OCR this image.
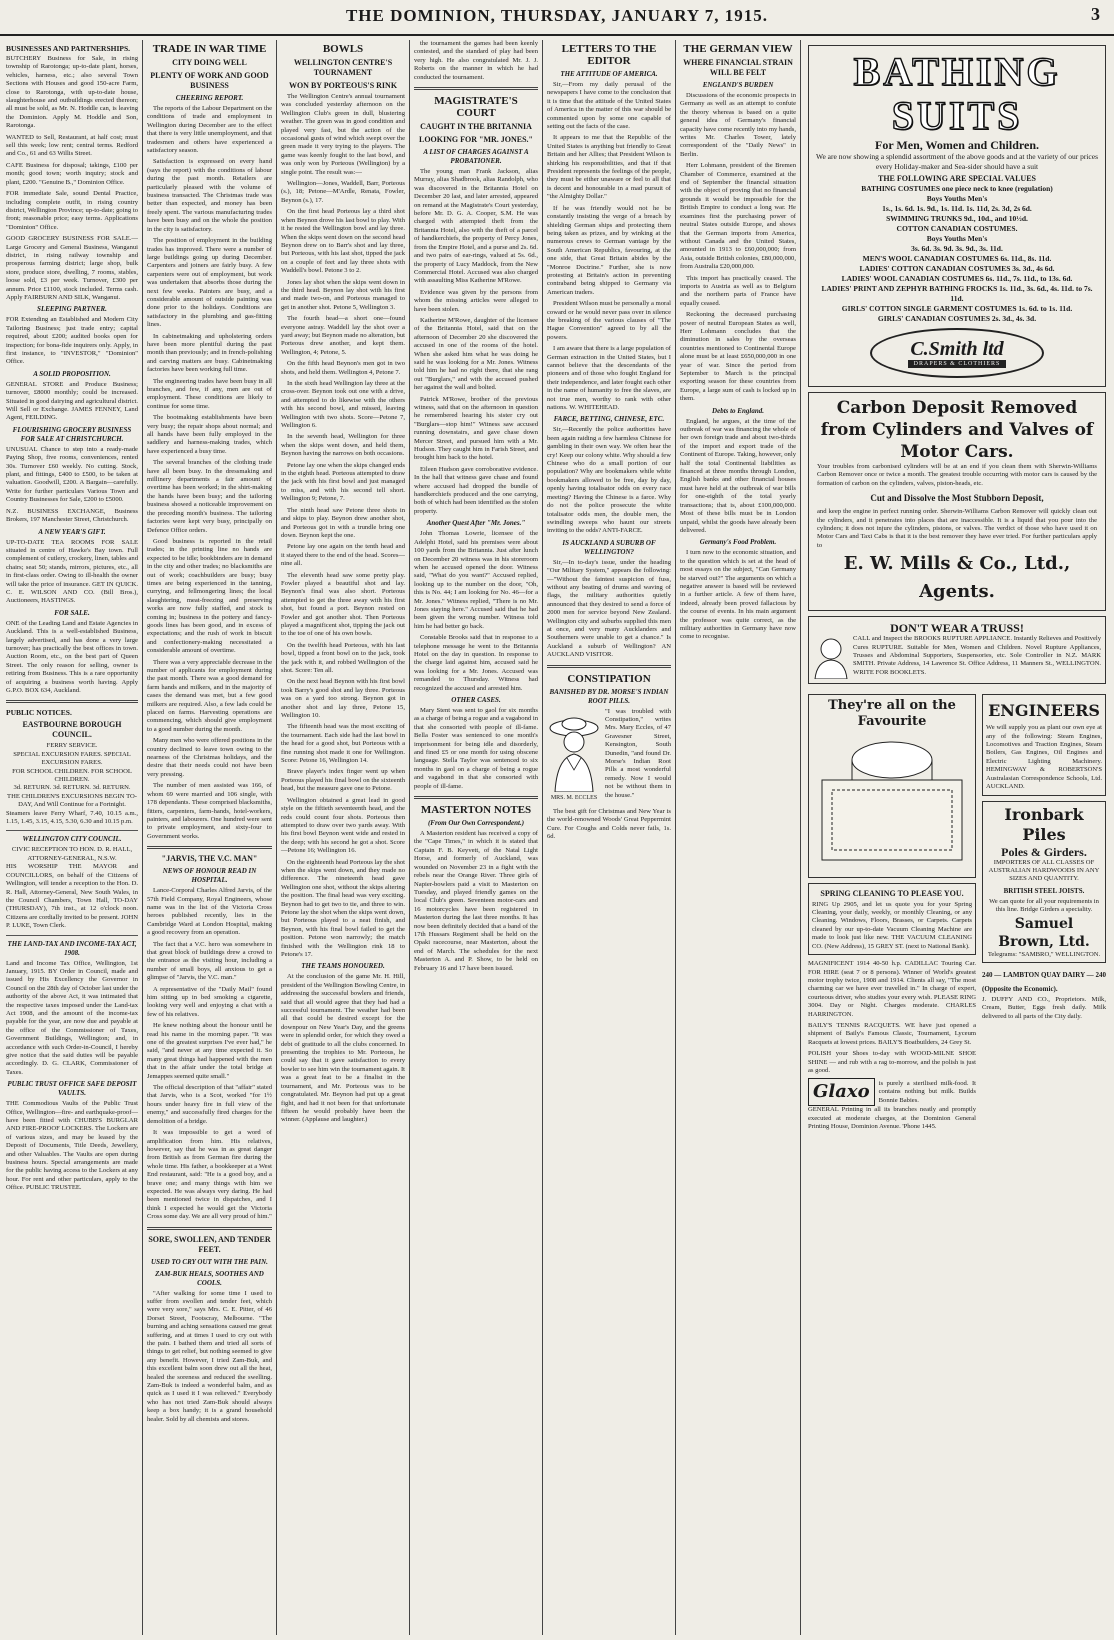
THE DOMINION, THURSDAY, JANUARY 7, 1915.	3
BUSINESSES AND PARTNERSHIPS.

BUTCHERY Business for Sale, in rising township of Rarotonga; up-to-date plant, horses, vehicles, harness, etc.; also several Town Sections with Houses and good 150-acre Farm, close to Rarotonga, with up-to-date house, slaughterhouse and outbuildings erected thereon; all must be sold, as Mr. N. Hoddle can, is leaving the Dominion. Apply M. Hoddle and Son, Rarotonga.

WANTED to Sell, Restaurant, at half cost; must sell this week; low rent; central terms. Redford and Co., 61 and 63 Willis Street.

CAFE Business for disposal; takings, £100 per month; good town; worth inquiry; stock and plant, £200. "Genuine B.," Dominion Office.

FOR immediate Sale, sound Dental Practice, including complete outfit, in rising country district, Wellington Province; up-to-date; going to front; reasonable price; easy terms. Applications "Dominion" Office.

GOOD GROCERY BUSINESS FOR SALE.—Large Grocery and General Business, Wanganui district, in rising railway township and prosperous farming district; large shop, bulk store, produce store, dwelling, 7 rooms, stables, loose sold, £3 per week. Turnover, £300 per annum. Price £1100, stock included. Terms cash. Apply FAIRBURN AND SILK, Wanganui.

SLEEPING PARTNER.

FOR Extending an Established and Modern City Tailoring Business; just trade entry; capital required, about £200; audited books open for inspection; for bona-fide inquirers only. Apply, in first instance, to "INVESTOR," "Dominion" Office.

A SOLID PROPOSITION.

GENERAL STORE and Produce Business; turnover, £8000 monthly; could be increased. Situated in good dairying and agricultural district. Will Sell or Exchange. JAMES FENNEY, Land Agent, FEILDING.

FLOURISHING GROCERY BUSINESS FOR SALE AT CHRISTCHURCH.

UNUSUAL Chance to step into a ready-made Paying Shop, five rooms, conveniences, rented 30s. Turnover £60 weekly. No cutting. Stock, plant, and fittings, £400 to £500, to be taken at valuation. Goodwill, £200. A Bargain—carefully. Write for further particulars Various Town and Country Businesses for Sale, £200 to £5000.

N.Z. BUSINESS EXCHANGE, Business Brokers, 197 Manchester Street, Christchurch.

A NEW YEAR'S GIFT.

UP-TO-DATE TEA ROOMS FOR SALE situated in centre of Hawke's Bay town. Full complement of cutlery, crockery, linen, tables and chairs; seat 50; stands, mirrors, pictures, etc., all in first-class order. Owing to ill-health the owner will take the price of insurance. GET IN QUICK. C. E. WILSON AND CO. (Bill Bros.), Auctioneers, HASTINGS.

FOR SALE.

ONE of the Leading Land and Estate Agencies in Auckland. This is a well-established Business, largely advertised, and has done a very large turnover; has practically the best offices in town. Auction Room, etc., on the best part of Queen Street. The only reason for selling, owner is retiring from Business. This is a rare opportunity of acquiring a business worth having. Apply G.P.O. BOX 634, Auckland.

PUBLIC NOTICES.
EASTBOURNE BOROUGH COUNCIL.
FERRY SERVICE.
SPECIAL EXCURSION FARES. SPECIAL EXCURSION FARES.
FOR SCHOOL CHILDREN. FOR SCHOOL CHILDREN.
3d. RETURN. 3d. RETURN. 3d. RETURN.
THE CHILDREN'S EXCURSIONS BEGIN TO-DAY, And Will Continue for a Fortnight.

Steamers leave Ferry Wharf, 7.40, 10.15 a.m., 1.15, 1.45, 3.15, 4.15, 5.30, 6.30 and 10.15 p.m.

WELLINGTON CITY COUNCIL.
CIVIC RECEPTION TO HON. D. R. HALL, ATTORNEY-GENERAL, N.S.W.

HIS WORSHIP THE MAYOR and COUNCILLORS, on behalf of the Citizens of Wellington, will tender a reception to the Hon. D. R. Hall, Attorney-General, New South Wales, in the Council Chambers, Town Hall, TO-DAY (THURSDAY), 7th inst., at 12 o'clock noon. Citizens are cordially invited to be present. JOHN P. LUKE, Town Clerk.

THE LAND-TAX AND INCOME-TAX ACT, 1908.

Land and Income Tax Office, Wellington, 1st January, 1915. BY Order in Council, made and issued by His Excellency the Governor in Council on the 28th day of October last under the authority of the above Act, it was intimated that the respective taxes imposed under the Land-tax Act 1908, and the amount of the income-tax payable for the year, are now due and payable at the office of the Commissioner of Taxes, Government Buildings, Wellington; and, in accordance with such Order-in-Council, I hereby give notice that the said duties will be payable accordingly. D. G. CLARK, Commissioner of Taxes.

PUBLIC TRUST OFFICE SAFE DEPOSIT VAULTS.

THE Commodious Vaults of the Public Trust Office, Wellington—fire- and earthquake-proof—have been fitted with CHUBB'S BURGLAR AND FIRE-PROOF LOCKERS. The Lockers are of various sizes, and may be leased by the Deposit of Documents, Title Deeds, Jewellery, and other Valuables. The Vaults are open during business hours. Special arrangements are made for the public having access to the Lockers at any hour. For rent and other particulars, apply to the Office. PUBLIC TRUSTEE.

TRADE IN WAR TIME
CITY DOING WELL
PLENTY OF WORK AND GOOD BUSINESS
CHEERING REPORT.

The reports of the Labour Department on the conditions of trade and employment in Wellington during December are to the effect that there is very little unemployment, and that tradesmen and others have experienced a satisfactory season.

Satisfaction is expressed on every hand (says the report) with the conditions of labour during the past month. Retailers are particularly pleased with the volume of business transacted. The Christmas trade was better than expected, and money has been freely spent. The various manufacturing trades have been busy and on the whole the position in the city is satisfactory.

The position of employment in the building trades has improved. There were a number of large buildings going up during December. Carpenters and joiners are fairly busy. A few carpenters were out of employment, but work was undertaken that absorbs those during the next few weeks. Painters are busy, and a considerable amount of outside painting was done prior to the holidays. Conditions are satisfactory in the plumbing and gas-fitting lines.

In cabinetmaking and upholstering orders have been more plentiful during the past month than previously; and in french-polishing and carving matters are busy. Cabinetmaking factories have been working full time.

The engineering trades have been busy in all branches, and few, if any, men are out of employment. These conditions are likely to continue for some time.

The bootmaking establishments have been very busy; the repair shops about normal; and all hands have been fully employed in the saddlery and harness-making trades, which have experienced a busy time.

The several branches of the clothing trade have all been busy. In the dressmaking and millinery departments a fair amount of overtime has been worked; in the shirt-making the hands have been busy; and the tailoring business showed a noticeable improvement on the preceding month's business. The tailoring factories were kept very busy, principally on Defence Office orders.

Good business is reported in the retail trades; in the printing line no hands are expected to be idle; bookbinders are in demand in the city and other trades; no blacksmiths are out of work; coachbuilders are busy; busy times are being experienced in the tanning, currying, and fellmongering lines; the local slaughtering, meat-freezing and preserving works are now fully staffed, and stock is coming in; business in the pottery and fancy-goods lines has been good, and in excess of expectations; and the rush of work in biscuit and confectionery-making necessitated a considerable amount of overtime.

There was a very appreciable decrease in the number of applicants for employment during the past month. There was a good demand for farm hands and milkers, and in the majority of cases the demand was met, but a few good milkers are required. Also, a few lads could be placed on farms. Harvesting operations are commencing, which should give employment to a good number during the month.

Many men who were offered positions in the country declined to leave town owing to the nearness of the Christmas holidays, and the desire that their needs could not have been very pressing.

The number of men assisted was 166, of whom 69 were married and 106 single, with 178 dependants. These comprised blacksmiths, fitters, carpenters, farm-hands, hotel-workers, painters, and labourers. One hundred were sent to private employment, and sixty-four to Government works.

"JARVIS, THE V.C. MAN"
NEWS OF HONOUR READ IN HOSPITAL.

Lance-Corporal Charles Alfred Jarvis, of the 57th Field Company, Royal Engineers, whose name was in the list of the Victoria Cross heroes published recently, lies in the Cambridge Ward at London Hospital, making a good recovery from an operation.

The fact that a V.C. hero was somewhere in that great block of buildings drew a crowd to the entrance as the visiting hour, including a number of small boys, all anxious to get a glimpse of "Jarvis, the V.C. man."

A representative of the "Daily Mail" found him sitting up in bed smoking a cigarette, looking very well and enjoying a chat with a few of his relatives.

He knew nothing about the honour until he read his name in the morning paper. "It was one of the greatest surprises I've ever had," he said, "and never at any time expected it. So many great things had happened with the men that in the affair under the total bridge at Jemappes seemed quite small."

The official description of that "affair" stated that Jarvis, who is a Scot, worked "for 1½ hours under heavy fire in full view of the enemy," and successfully fired charges for the demolition of a bridge.

It was impossible to get a word of amplification from him. His relatives, however, say that he was in as great danger from British as from German fire during the whole time. His father, a bookkeeper at a West End restaurant, said: "He is a good boy, and a brave one; and many things with him we expected. He was always very daring. He had been mentioned twice in dispatches, and I think I expected he would get the Victoria Cross some day. We are all very proud of him."

SORE, SWOLLEN, AND TENDER FEET.
USED TO CRY OUT WITH THE PAIN.
ZAM-BUK HEALS, SOOTHES AND COOLS.

"After walking for some time I used to suffer from swollen and tender feet, which were very sore," says Mrs. C. E. Pitter, of 46 Dorset Street, Footscray, Melbourne. "The burning and aching sensations caused me great suffering, and at times I used to cry out with the pain. I bathed them and tried all sorts of things to get relief, but nothing seemed to give any benefit. However, I tried Zam-Buk, and this excellent balm soon drew out all the heat, healed the soreness and reduced the swelling. Zam-Buk is indeed a wonderful balm, and as quick as I used it I was relieved." Everybody who has not tried Zam-Buk should always keep a box handy; it is a grand household healer. Sold by all chemists and stores.

BOWLS
WELLINGTON CENTRE'S TOURNAMENT
WON BY PORTEOUS'S RINK

The Wellington Centre's annual tournament was concluded yesterday afternoon on the Wellington Club's green in dull, blustering weather. The green was in good condition and played very fast, but the action of the occasional gusts of wind which swept over the green made it very trying to the players. The game was keenly fought to the last bowl, and was only won by Porteous (Wellington) by a single point. The result was:—

Wellington—Jones, Waddell, Barr, Porteous (s.), 18; Petone—M'Ardle, Renata, Fowler, Beynon (s.), 17.

On the first head Porteous lay a third shot when Beynon drove his last bowl to play. With it he rested the Wellington bowl and lay three. When the skips went down on the second head Beynon drew on to Barr's shot and lay three, but Porteous, with his last shot, tipped the jack on a couple of feet and lay three shots with Waddell's bowl. Petone 3 to 2.

Jones lay shot when the skips went down in the third head. Beynon lay shot with his first and made two-on, and Porteous managed to get in another shot. Petone 5, Wellington 3.

The fourth head—a short one—found everyone astray. Waddell lay the shot over a yard away; but Beynon made no alteration, but Porteous drew another, and kept them. Wellington, 4; Petone, 5.

On the fifth head Beynon's men got in two shots, and held them. Wellington 4, Petone 7.

In the sixth head Wellington lay three at the cross-over. Beynon took out one with a drive, and attempted to do likewise with the others with his second bowl, and missed, leaving Wellington with two shots. Score—Petone 7, Wellington 6.

In the seventh head, Wellington for three when the skips went down, and held them, Beynon having the narrows on both occasions.

Petone lay one when the skips changed ends in the eighth head. Porteous attempted to draw the jack with his first bowl and just managed to miss, and with his second tell short. Wellington 9; Petone, 7.

The ninth head saw Petone three shots in and skips to play. Beynon drew another shot, and Porteous got in with a trundle bring one down. Beynon kept the one.

Petone lay one again on the tenth head and it stayed there to the end of the head. Scores—nine all.

The eleventh head saw some pretty play. Fowler played a beautiful shot and lay. Beynon's final was also short. Porteous attempted to get the three away with his first shot, but found a port. Beynon rested on Fowler and got another shot. Then Porteous played a magnificent shot, tipping the jack out to the toe of one of his own bowls.

On the twelfth head Porteous, with his last bowl, tipped a front bowl on to the jack, took the jack with it, and robbed Wellington of the shot. Score: Ten all.

On the next head Beynon with his first bowl took Barry's good shot and lay three. Porteous was on a yard too strong. Beynon got in another shot and lay three, Petone 15, Wellington 10.

The fifteenth head was the most exciting of the tournament. Each side had the last bowl in the head for a good shot, but Porteous with a fine running shot made it one for Wellington. Score: Petone 16, Wellington 14.

Brave player's index finger went up when Porteous played his final bowl on the sixteenth head, but the measure gave one to Petone.

Wellington obtained a great lead in good style on the fiftieth seventeenth head, and the reds could count four shots. Porteous then attempted to draw over two yards away. With his first bowl Beynon went wide and rested in the deep; with his second he got a shot. Score—Petone 16; Wellington 16.

On the eighteenth head Porteous lay the shot when the skips went down, and they made no difference. The nineteenth head gave Wellington one shot, without the skips altering the position. The final head was very exciting. Beynon had to get two to tie, and three to win. Petone lay the shot when the skips went down, but Porteous played to a neat finish, and Beynon, with his final bowl failed to get the position. Petone won narrowly; the match finished with the Wellington rink 18 to Petone's 17.

THE TEAMS HONOURED.

At the conclusion of the game Mr. H. Hill, president of the Wellington Bowling Centre, in addressing the successful bowlers and friends, said that all would agree that they had had a successful tournament. The weather had been all that could be desired except for the downpour on New Year's Day, and the greens were in splendid order, for which they owed a debt of gratitude to all the clubs concerned. In presenting the trophies to Mr. Porteous, he could say that it gave satisfaction to every bowler to see him win the tournament again. It was a great feat to be a finalist in the tournament, and Mr. Porteous was to be congratulated. Mr. Beynon had put up a great fight, and had it not been for that unfortunate fifteen he would probably have been the winner. (Applause and laughter.)

the tournament the games had been keenly contested, and the standard of play had been very high. He also congratulated Mr. J. J. Roberts on the manner in which he had conducted the tournament.

MAGISTRATE'S COURT
CAUGHT IN THE BRITANNIA
LOOKING FOR "MR. JONES."
A LIST OF CHARGES AGAINST A PROBATIONER.

The young man Frank Jackson, alias Murray, alias Shadbrook, alias Randolph, who was discovered in the Britannia Hotel on December 20 last, and later arrested, appeared on remand at the Magistrate's Court yesterday, before Mr. D. G. A. Cooper, S.M. He was charged with attempted theft from the Britannia Hotel, also with the theft of a parcel of handkerchiefs, the property of Percy Jones, from the Empire Hotel, and a purse and 2s. 6d. and two pairs of ear-rings, valued at 5s. 6d., the property of Lucy Maddock, from the New Commercial Hotel. Accused was also charged with assaulting Miss Katherine M'Rowe.

Evidence was given by the persons from whom the missing articles were alleged to have been stolen.

Katherine M'Rowe, daughter of the licensee of the Britannia Hotel, said that on the afternoon of December 20 she discovered the accused in one of the rooms of the hotel. When she asked him what he was doing he said he was looking for a Mr. Jones. Witness told him he had no right there, that she rang out "Burglars," and with the accused pushed her against the wall and bolted.

Patrick M'Rowe, brother of the previous witness, said that on the afternoon in question he remembered hearing his sister cry out "Burglars—stop him!" Witness saw accused running downstairs, and gave chase down Mercer Street, and pursued him with a Mr. Hudson. They caught him in Farish Street, and brought him back to the hotel.

Eileen Hudson gave corroborative evidence. In the hall that witness gave chase and found where accused had dropped the bundle of handkerchiefs produced and the one carrying, both of which had been identified as the stolen property.

Another Quest After "Mr. Jones."

John Thomas Lowrie, licensee of the Adelphi Hotel, said his premises were about 100 yards from the Britannia. Just after lunch on December 20 witness was in his storeroom when he accused opened the door. Witness said, "What do you want?" Accused replied, looking up to the number on the door, "Oh, this is No. 44; I am looking for No. 46—for a Mr. Jones." Witness replied, "There is no Mr. Jones staying here." Accused said that he had been given the wrong number. Witness told him he had better go back.

Constable Brooks said that in response to a telephone message he went to the Britannia Hotel on the day in question. In response to the charge laid against him, accused said he was looking for a Mr. Jones. Accused was remanded to Thursday. Witness had recognized the accused and arrested him.

OTHER CASES.

Mary Stent was sent to gaol for six months as a charge of being a rogue and a vagabond in that she consorted with people of ill-fame. Bella Foster was sentenced to one month's imprisonment for being idle and disorderly, and fined £5 or one month for using obscene language. Stella Taylor was sentenced to six months in gaol on a charge of being a rogue and vagabond in that she consorted with people of ill-fame.

MASTERTON NOTES
(From Our Own Correspondent.)

A Masterton resident has received a copy of the "Cape Times," in which it is stated that Captain F. B. Keyvett, of the Natal Light Horse, and formerly of Auckland, was wounded on November 23 in a fight with the rebels near the Orange River. Three girls of Napier-bowlers paid a visit to Masterton on Tuesday, and played friendly games on the local Club's green. Seventeen motor-cars and 16 motorcycles have been registered in Masterton during the last three months. It has now been definitely decided that a band of the 17th Hussars Regiment shall be held on the Opaki racecourse, near Masterton, about the end of March. The schedules for the next Masterton A. and P. Show, to be held on February 16 and 17 have been issued.

LETTERS TO THE EDITOR
THE ATTITUDE OF AMERICA.

Sir,—From my daily perusal of the newspapers I have come to the conclusion that it is time that the attitude of the United States of America in the matter of this war should be commented upon by some one capable of setting out the facts of the case.

It appears to me that the Republic of the United States is anything but friendly to Great Britain and her Allies; that President Wilson is shirking his responsibilities, and that if that President represents the feelings of the people, they must be either unaware or feel to all that is decent and honourable in a mad pursuit of "the Almighty Dollar."

If he was friendly would not he be constantly insisting the verge of a breach by shielding German ships and protecting them being taken as prizes, and by winking at the numerous crews to German vantage by the South American Republics, favouring, at the one side, that Great Britain abides by the "Monroe Doctrine." Further, she is now protesting at Britain's action in preventing contraband being shipped to Germany via American traders.

President Wilson must be personally a moral coward or he would never pass over in silence the breaking of the various clauses of "The Hague Convention" agreed to by all the powers.

I am aware that there is a large population of German extraction in the United States, but I cannot believe that the descendants of the pioneers and of those who fought England for their independence, and later fought each other in the name of humanity to free the slaves, are not true men, worthy to rank with other nations. W. WHITEHEAD.

FARCE, BETTING, CHINESE, ETC.

Sir,—Recently the police authorities have been again raiding a few harmless Chinese for gambling in their own way. We often hear the cry! Keep our colony white. Why should a few Chinese who do a small portion of our population? Why are bookmakers while white bookmakers allowed to be free, day by day, openly having totalisator odds on every race meeting? Having the Chinese is a farce. Why do not the police prosecute the white totalisator odds men, the double men, the swindling sweeps who haunt our streets inviting to the odds? ANTI-FARCE.

IS AUCKLAND A SUBURB OF WELLINGTON?

Sir,—In to-day's issue, under the heading "Our Military System," appears the following:—"Without the faintest suspicion of fuss, without any beating of drums and waving of flags, the military authorities quietly announced that they desired to send a force of 2000 men for service beyond New Zealand. Wellington city and suburbs supplied this men at once, and very many Aucklanders and Southerners were unable to get a chance." Is Auckland a suburb of Wellington? AN AUCKLAND VISITOR.

CONSTIPATION
BANISHED BY DR. MORSE'S INDIAN ROOT PILLS.
MRS. M. ECCLES

"I was troubled with Constipation," writes Mrs. Mary Eccles, of 47 Gravesner Street, Kensington, South Dunedin, "and found Dr. Morse's Indian Root Pills a most wonderful remedy. Now I would not be without them in the house."

The best gift for Christmas and New Year is the world-renowned Woods' Great Peppermint Cure. For Coughs and Colds never fails, 1s. 6d.

THE GERMAN VIEW
WHERE FINANCIAL STRAIN WILL BE FELT
ENGLAND'S BURDEN

Discussions of the economic prospects in Germany as well as an attempt to confute the theory whereas is based on a quite general idea of Germany's financial capacity have come recently into my hands, writes Mr. Charles Tower, lately correspondent of the "Daily News" in Berlin.

Herr Lohmann, president of the Bremen Chamber of Commerce, examined at the end of September the financial situation with the object of proving that no financial grounds it would be impossible for the British Empire to conduct a long war. He examines first the purchasing power of neutral States outside Europe, and shows that the German imports from America, without Canada and the United States, amounted in 1913 to £60,000,000; from Asia, outside British colonies, £80,000,000, from Australia £20,000,000.

This import has practically ceased. The imports to Austria as well as to Belgium and the northern parts of France have equally ceased.

Reckoning the decreased purchasing power of neutral European States as well, Herr Lohmann concludes that the diminution in sales by the overseas countries mentioned to Continental Europe alone must be at least £650,000,000 in one year of war. Since the period from September to March is the principal exporting season for these countries from Europe, a large sum of cash is locked up in them.

Debts to England.

England, he argues, at the time of the outbreak of war was financing the whole of her own foreign trade and about two-thirds of the import and export trade of the Continent of Europe. Taking, however, only half the total Continental liabilities as financed at three months through London, English banks and other financial houses must have held at the outbreak of war bills for one-eighth of the total yearly transactions; that is, about £100,000,000. Most of these bills must be in London unpaid, whilst the goods have already been delivered.

Germany's Food Problem.

I turn now to the economic situation, and to the question which is set at the head of most essays on the subject, "Can Germany be starved out?" The arguments on which a negative answer is based will be reviewed in a further article. A few of them have, indeed, already been proved fallacious by the course of events. In his main argument the professor was quite correct, as the military authorities in Germany have now come to recognise.

BATHING SUITS
For Men, Women and Children.
We are now showing a splendid assortment of the above goods and at the variety of our prices every Holiday-maker and Sea-sider should have a suit
THE FOLLOWING ARE SPECIAL VALUES
BATHING COSTUMES one piece neck to knee (regulation)
Boys Youths Men's
1s., 1s. 6d. 1s. 9d., 1s. 11d. 1s. 11d, 2s. 3d, 2s 6d.
SWIMMING TRUNKS 9d., 10d., and 10½d.
COTTON CANADIAN COSTUMES.
Boys Youths Men's
3s. 6d. 3s. 9d. 3s. 9d., 3s. 11d.
MEN'S WOOL CANADIAN COSTUMES 6s. 11d., 8s. 11d.
LADIES' COTTON CANADIAN COSTUMES 3s. 3d., 4s 6d.
LADIES' WOOL CANADIAN COSTUMES 6s. 11d., 7s. 11d., to 13s. 6d.
LADIES' PRINT AND ZEPHYR BATHING FROCKS 1s. 11d., 3s. 6d., 4s. 11d. to 7s. 11d.
GIRLS' COTTON SINGLE GARMENT COSTUMES 1s. 6d. to 1s. 11d.
GIRLS' CANADIAN COSTUMES 2s. 3d., 4s. 3d.
C.Smith ltd
DRAPERS & CLOTHIERS
Carbon Deposit Removed from Cylinders and Valves of Motor Cars.
Your troubles from carbonised cylinders will be at an end if you clean them with Sherwin-Williams Carbon Remover once or twice a month. The greatest trouble occurring with motor cars is caused by the formation of carbon on the cylinders, valves, piston-heads, etc.
Cut and Dissolve the Most Stubborn Deposit,
and keep the engine in perfect running order. Sherwin-Williams Carbon Remover will quickly clean out the cylinders, and it penetrates into places that are inaccessible. It is a liquid that you pour into the cylinders; it does not injure the cylinders, pistons, or valves. The verdict of those who have used it on Motor Cars and Taxi Cabs is that it is the best remover they have ever tried. For further particulars apply to
E. W. Mills & Co., Ltd., Agents.
DON'T WEAR A TRUSS!
CALL and Inspect the BROOKS RUPTURE APPLIANCE. Instantly Relieves and Positively Cures RUPTURE. Suitable for Men, Women and Children. Novel Rupture Appliances, Trusses and Abdominal Supporters, Suspensories, etc. Sole Controller in N.Z. MARK SMITH. Private Address, 14 Lawrence St. Office Address, 11 Manners St., WELLINGTON. WRITE FOR BOOKLETS.
They're all on the Favourite
SPRING CLEANING TO PLEASE YOU.
RING Up 2905, and let us quote you for your Spring Cleaning, your daily, weekly, or monthly Cleaning, or any Cleaning. Windows, Floors, Brasses, or Carpets. Carpets cleaned by our up-to-date Vacuum Cleaning Machine are made to look just like new. THE VACUUM CLEANING CO. (New Address), 15 GREY ST. (next to National Bank).

MAGNIFICENT 1914 40-50 h.p. CADILLAC Touring Car. FOR HIRE (seat 7 or 8 persons). Winner of World's greatest motor trophy twice, 1908 and 1914. Clients all say, "The most charming car we have ever travelled in." In charge of expert, courteous driver, who studies your every wish. PLEASE RING 3004. Day or Night. Charges moderate. CHARLES HARRINGTON.

BAILY'S TENNIS RACQUETS. WE have just opened a shipment of Baily's Famous Classic, Tournament, Lyceum Racquets at lowest prices. BAILY'S Boatbuilders, 24 Grey St.

POLISH your Shoes to-day with WOOD-MILNE SHOE SHINE — and rub with a rag to-morrow, and the polish is just as good.

Glaxo	is purely a sterilised milk-food. It contains nothing but milk. Builds Bonnie Babies.

GENERAL Printing in all its branches neatly and promptly executed at moderate charges, at the Dominion General Printing House, Dominion Avenue. 'Phone 1445.

ENGINEERS
We will supply you as plant our own eye at any of the following: Steam Engines, Locomotives and Traction Engines, Steam Boilers, Gas Engines, Oil Engines and Electric Lighting Machinery. HEMINGWAY & ROBERTSON'S Australasian Correspondence Schools, Ltd. AUCKLAND.
Ironbark Piles
Poles & Girders.
IMPORTERS OF ALL CLASSES OF AUSTRALIAN HARDWOODS IN ANY SIZES AND QUANTITY.
BRITISH STEEL JOISTS.
We can quote for all your requirements in this line. Bridge Girders a speciality.
Samuel Brown, Ltd.
Telegrams: "SAMBRO," WELLINGTON.
240 — LAMBTON QUAY DAIRY — 240 (Opposite the Economic).
J. DUFFY AND CO., Proprietors. Milk, Cream, Butter, Eggs fresh daily. Milk delivered to all parts of the City daily.
